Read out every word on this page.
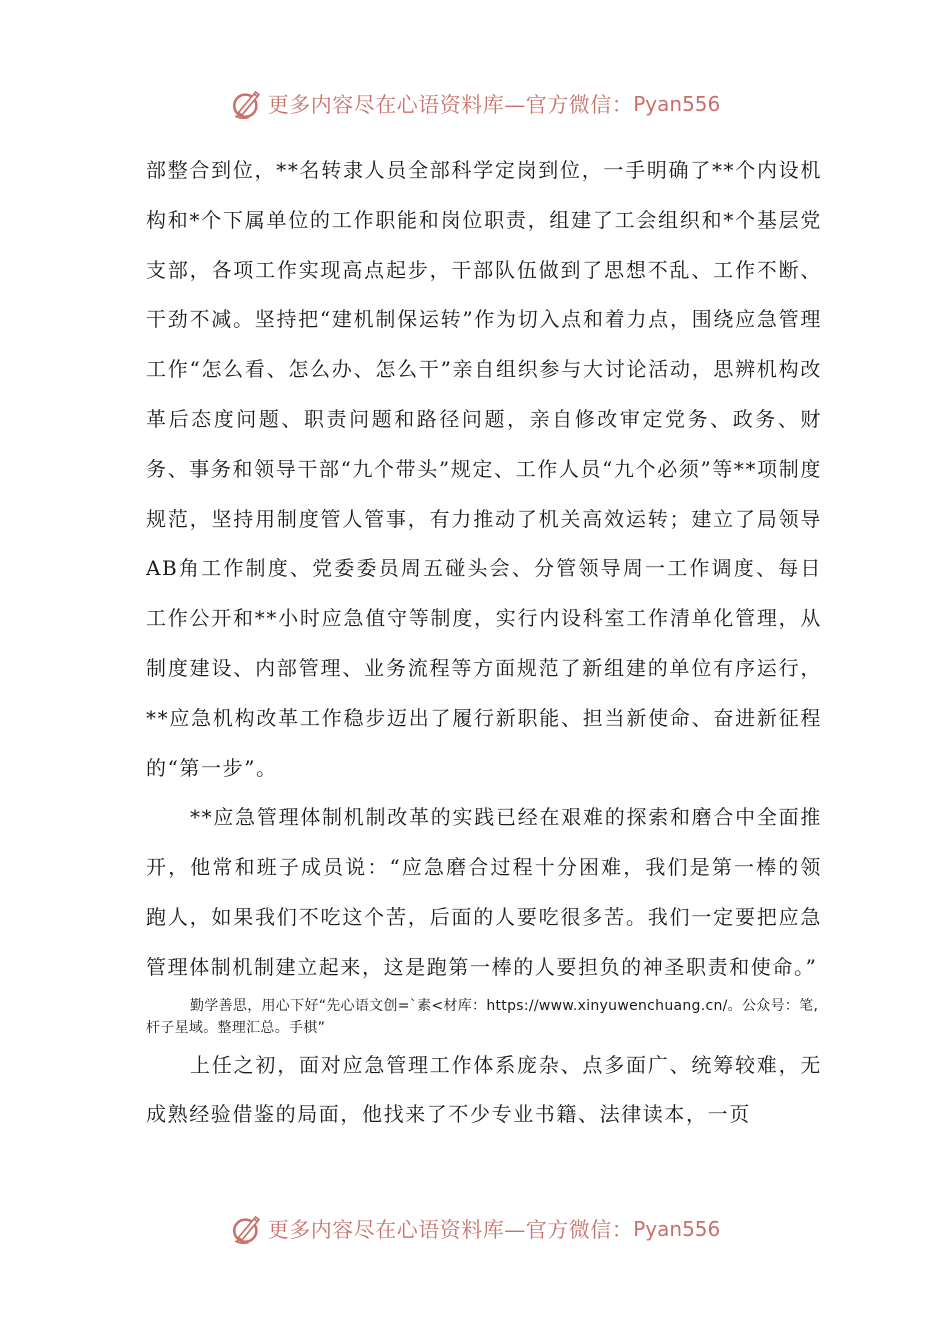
更多内容尽在心语资料库—官方微信： Pyan556

部整合到位，**名转隶人员全部科学定岗到位，一手明确了**个内设机构和*个下属单位的工作职能和岗位职责，组建了工会组织和*个基层党支部，各项工作实现高点起步，干部队伍做到了思想不乱、工作不断、干劲不减。坚持把“建机制保运转”作为切入点和着力点，围绕应急管理工作“怎么看、怎么办、怎么干”亲自组织参与大讨论活动，思辨机构改革后态度问题、职责问题和路径问题，亲自修改审定党务、政务、财务、事务和领导干部“九个带头”规定、工作人员“九个必须”等**项制度规范，坚持用制度管人管事，有力推动了机关高效运转；建立了局领导AB角工作制度、党委委员周五碰头会、分管领导周一工作调度、每日工作公开和**小时应急值守等制度，实行内设科室工作清单化管理，从制度建设、内部管理、业务流程等方面规范了新组建的单位有序运行，**应急机构改革工作稳步迈出了履行新职能、担当新使命、奋进新征程的“第一步”。

**应急管理体制机制改革的实践已经在艰难的探索和磨合中全面推开，他常和班子成员说：“应急磨合过程十分困难，我们是第一棒的领跑人，如果我们不吃这个苦，后面的人要吃很多苦。我们一定要把应急管理体制机制建立起来，这是跑第一棒的人要担负的神圣职责和使命。”

勤学善思，用心下好“先心语文创=`素<材库：https://www.xinyuwenchuang.cn/。公众号：笔,杆子星域。整理汇总。手棋”

上任之初，面对应急管理工作体系庞杂、点多面广、统筹较难，无成熟经验借鉴的局面，他找来了不少专业书籍、法律读本，一页

更多内容尽在心语资料库—官方微信： Pyan556
